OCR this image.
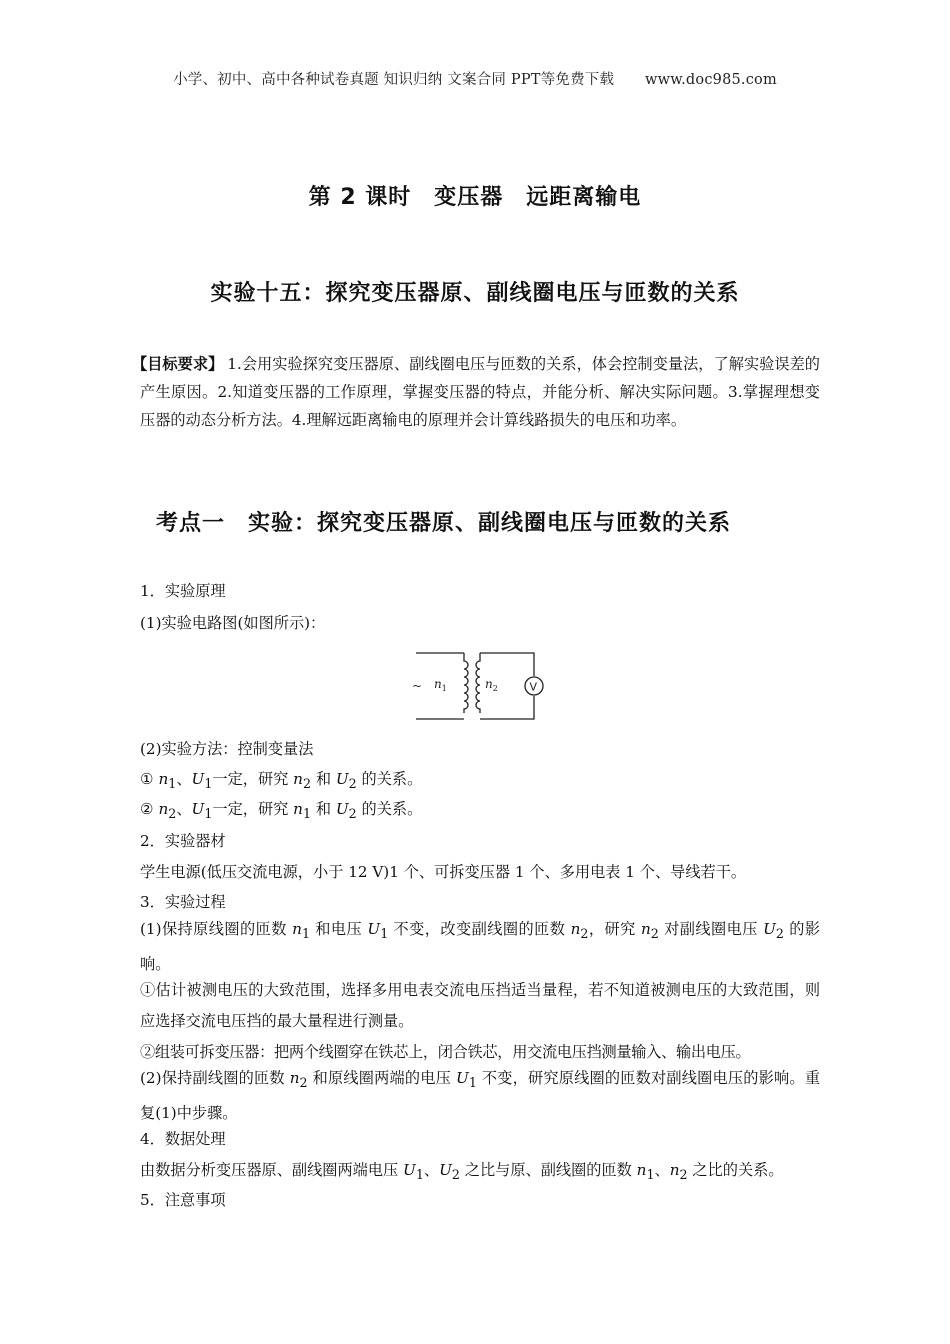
小学、初中、高中各种试卷真题 知识归纳 文案合同 PPT等免费下载 www.doc985.com
第 2 课时　变压器　远距离输电
实验十五：探究变压器原、副线圈电压与匝数的关系
【目标要求】 1.会用实验探究变压器原、副线圈电压与匝数的关系，体会控制变量法，了解实验误差的产生原因。2.知道变压器的工作原理，掌握变压器的特点，并能分析、解决实际问题。3.掌握理想变压器的动态分析方法。4.理解远距离输电的原理并会计算线路损失的电压和功率。
考点一　实验：探究变压器原、副线圈电压与匝数的关系
1．实验原理
(1)实验电路图(如图所示)：
~ $n_1$	$n_2$	V
(2)实验方法：控制变量法
① $n_1$、$U_1$一定，研究 $n_2$ 和 $U_2$ 的关系。
② $n_2$、$U_1$一定，研究 $n_1$ 和 $U_2$ 的关系。
2．实验器材
学生电源(低压交流电源，小于 12 V)1 个、可拆变压器 1 个、多用电表 1 个、导线若干。
3．实验过程
(1)保持原线圈的匝数 $n_1$ 和电压 $U_1$ 不变，改变副线圈的匝数 $n_2$，研究 $n_2$ 对副线圈电压 $U_2$ 的影响。
①估计被测电压的大致范围，选择多用电表交流电压挡适当量程，若不知道被测电压的大致范围，则应选择交流电压挡的最大量程进行测量。
②组装可拆变压器：把两个线圈穿在铁芯上，闭合铁芯，用交流电压挡测量输入、输出电压。
(2)保持副线圈的匝数 $n_2$ 和原线圈两端的电压 $U_1$ 不变，研究原线圈的匝数对副线圈电压的影响。重复(1)中步骤。
4．数据处理
由数据分析变压器原、副线圈两端电压 $U_1$、$U_2$ 之比与原、副线圈的匝数 $n_1$、$n_2$ 之比的关系。
5．注意事项
